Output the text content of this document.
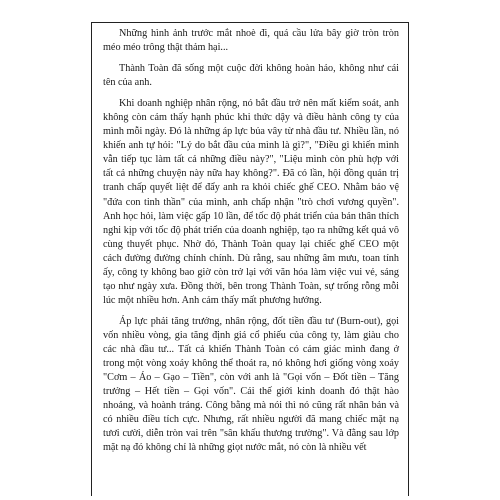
Những hình ảnh trước mắt nhoè đi, quá cầu lửa bây giờ tròn tròn méo méo trông thật thảm hại...

Thành Toàn đã sống một cuộc đời không hoàn hảo, không như cái tên của anh.

Khi doanh nghiệp nhân rộng, nó bắt đầu trở nên mất kiểm soát, anh không còn cảm thấy hạnh phúc khi thức dậy và điều hành công ty của mình mỗi ngày. Đó là những áp lực bủa vây từ nhà đầu tư. Nhiều lần, nó khiến anh tự hỏi: "Lý do bắt đầu của mình là gì?", "Điều gì khiến mình vẫn tiếp tục làm tất cả những điều này?", "Liệu mình còn phù hợp với tất cả những chuyện này nữa hay không?". Đã có lần, hội đồng quản trị tranh chấp quyết liệt để đẩy anh ra khỏi chiếc ghế CEO. Nhằm bảo vệ "đứa con tinh thần" của mình, anh chấp nhận "trò chơi vương quyền". Anh học hỏi, làm việc gấp 10 lần, để tốc độ phát triển của bản thân thích nghi kịp với tốc độ phát triển của doanh nghiệp, tạo ra những kết quả vô cùng thuyết phục. Nhờ đó, Thành Toàn quay lại chiếc ghế CEO một cách đường đường chính chính. Dù rằng, sau những âm mưu, toan tính ấy, công ty không bao giờ còn trở lại với văn hóa làm việc vui vẻ, sáng tạo như ngày xưa. Đồng thời, bên trong Thành Toàn, sự trống rỗng mỗi lúc một nhiều hơn. Anh cảm thấy mất phương hướng.

Áp lực phải tăng trưởng, nhân rộng, đốt tiền đầu tư (Burn-out), gọi vốn nhiều vòng, gia tăng định giá cổ phiếu của công ty, làm giàu cho các nhà đầu tư... Tất cả khiến Thành Toàn có cảm giác mình đang ở trong một vòng xoáy không thể thoát ra, nó không hơi giống vòng xoáy "Cơm – Áo – Gạo – Tiền", còn với anh là "Gọi vốn – Đốt tiền – Tăng trưởng – Hết tiền – Gọi vốn". Cái thế giới kinh doanh đó thật hào nhoáng, và hoành tráng. Công bằng mà nói thì nó cũng rất nhân bản và có nhiều điều tích cực. Nhưng, rất nhiều người đã mang chiếc mặt nạ tươi cười, diễn tròn vai trên "sân khấu thương trường". Và đằng sau lớp mặt nạ đó không chỉ là những giọt nước mắt, nó còn là nhiều vết
